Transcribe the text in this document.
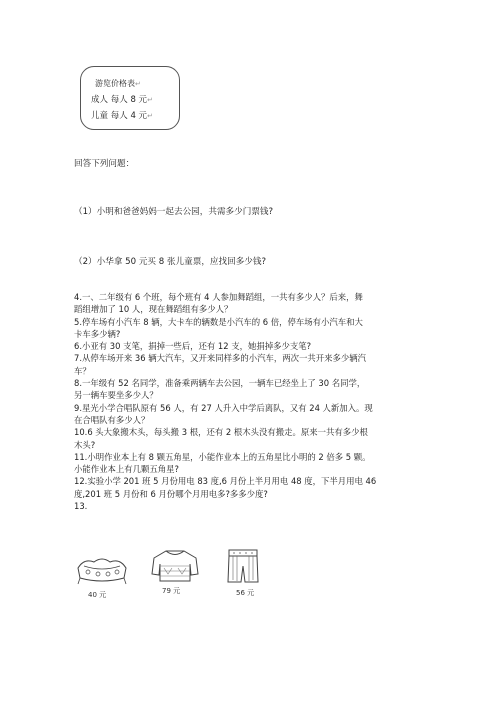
游览价格表↵
成人 每人 8 元↵
儿童 每人 4 元↵
回答下列问题：
（1）小明和爸爸妈妈一起去公园，共需多少门票钱?
（2）小华拿 50 元买 8 张儿童票，应找回多少钱?

4.一、二年级有 6 个班，每个班有 4 人参加舞蹈组，一共有多少人？后来，舞

蹈组增加了 10 人，现在舞蹈组有多少人？

5.停车场有小汽车 8 辆，大卡车的辆数是小汽车的 6 倍，停车场有小汽车和大

卡车多少辆?

6.小亚有 30 支笔，捐掉一些后，还有 12 支，她捐掉多少支笔?

7.从停车场开来 36 辆大汽车，又开来同样多的小汽车，两次一共开来多少辆汽

车？

8.一年级有 52 名同学，准备乘两辆车去公园，一辆车已经坐上了 30 名同学，

另一辆车要坐多少人？

9.星光小学合唱队原有 56 人，有 27 人升入中学后离队，又有 24 人新加入。现

在合唱队有多少人？

10.6 头大象搬木头，每头搬 3 根，还有 2 根木头没有搬走。原来一共有多少根

木头?

11.小明作业本上有 8 颗五角星，小能作业本上的五角星比小明的 2 倍多 5 颗。

小能作业本上有几颗五角星?

12.实验小学 201 班 5 月份用电 83 度,6 月份上半月用电 48 度，下半月用电 46

度,201 班 5 月份和 6 月份哪个月用电多?多多少度?

13.

40 元	79 元	56 元
